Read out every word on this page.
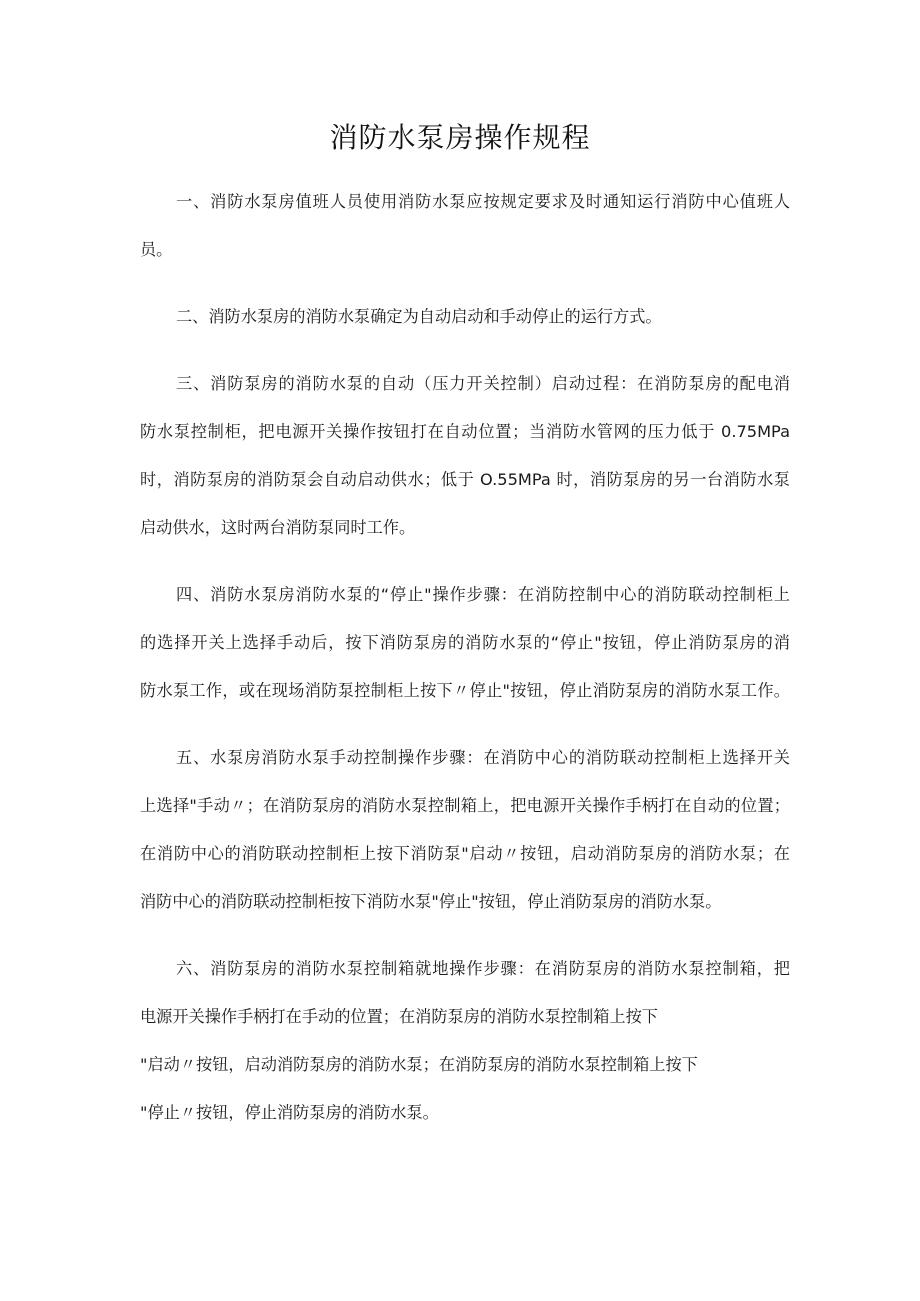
消防水泵房操作规程
一、消防水泵房值班人员使用消防水泵应按规定要求及时通知运行消防中心值班人
员。
二、消防水泵房的消防水泵确定为自动启动和手动停止的运行方式。
三、消防泵房的消防水泵的自动（压力开关控制）启动过程：在消防泵房的配电消
防水泵控制柜，把电源开关操作按钮打在自动位置；当消防水管网的压力低于 0.75MPa
时，消防泵房的消防泵会自动启动供水；低于 O.55MPa 时，消防泵房的另一台消防水泵
启动供水，这时两台消防泵同时工作。
四、消防水泵房消防水泵的“停止"操作步骤：在消防控制中心的消防联动控制柜上
的选择开关上选择手动后，按下消防泵房的消防水泵的“停止"按钮，停止消防泵房的消
防水泵工作，或在现场消防泵控制柜上按下〃停止"按钮，停止消防泵房的消防水泵工作。
五、水泵房消防水泵手动控制操作步骤：在消防中心的消防联动控制柜上选择开关
上选择"手动〃；在消防泵房的消防水泵控制箱上，把电源开关操作手柄打在自动的位置；
在消防中心的消防联动控制柜上按下消防泵"启动〃按钮，启动消防泵房的消防水泵；在
消防中心的消防联动控制柜按下消防水泵"停止"按钮，停止消防泵房的消防水泵。
六、消防泵房的消防水泵控制箱就地操作步骤：在消防泵房的消防水泵控制箱，把
电源开关操作手柄打在手动的位置；在消防泵房的消防水泵控制箱上按下
"启动〃按钮，启动消防泵房的消防水泵；在消防泵房的消防水泵控制箱上按下
"停止〃按钮，停止消防泵房的消防水泵。
